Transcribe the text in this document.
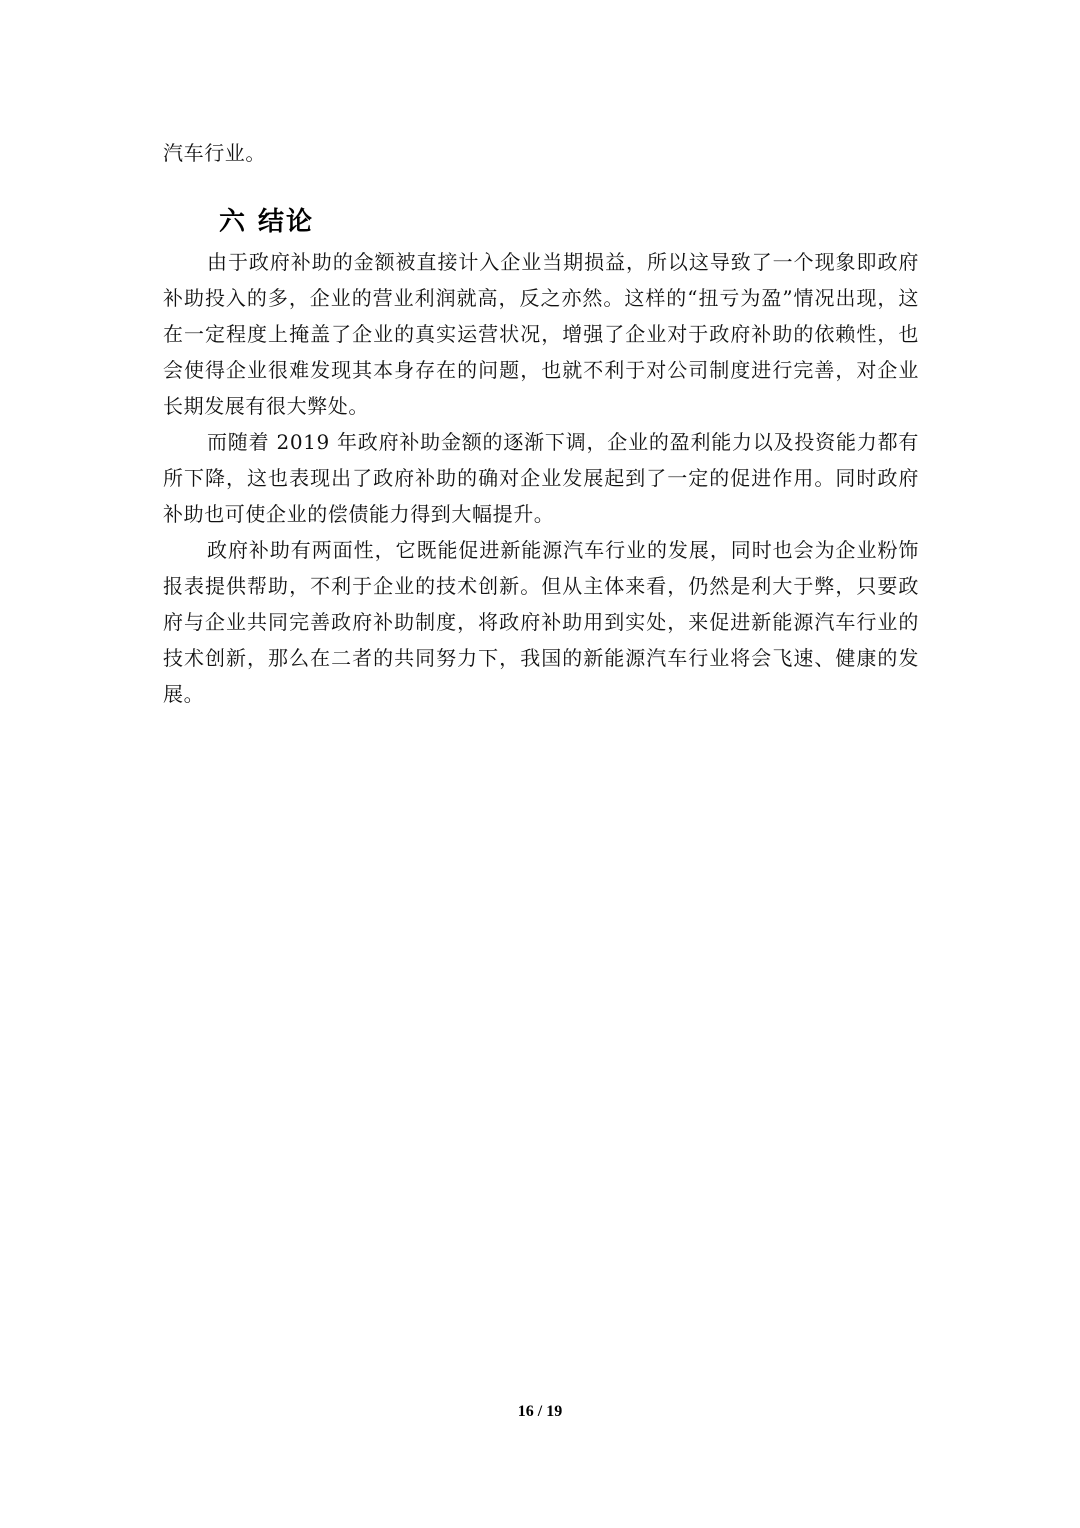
汽车行业。

六 结论

由于政府补助的金额被直接计入企业当期损益，所以这导致了一个现象即政府补助投入的多，企业的营业利润就高，反之亦然。这样的“扭亏为盈”情况出现，这在一定程度上掩盖了企业的真实运营状况，增强了企业对于政府补助的依赖性，也会使得企业很难发现其本身存在的问题，也就不利于对公司制度进行完善，对企业长期发展有很大弊处。

而随着 2019 年政府补助金额的逐渐下调，企业的盈利能力以及投资能力都有所下降，这也表现出了政府补助的确对企业发展起到了一定的促进作用。同时政府补助也可使企业的偿债能力得到大幅提升。

政府补助有两面性，它既能促进新能源汽车行业的发展，同时也会为企业粉饰报表提供帮助，不利于企业的技术创新。但从主体来看，仍然是利大于弊，只要政府与企业共同完善政府补助制度，将政府补助用到实处，来促进新能源汽车行业的技术创新，那么在二者的共同努力下，我国的新能源汽车行业将会飞速、健康的发展。

16 / 19
